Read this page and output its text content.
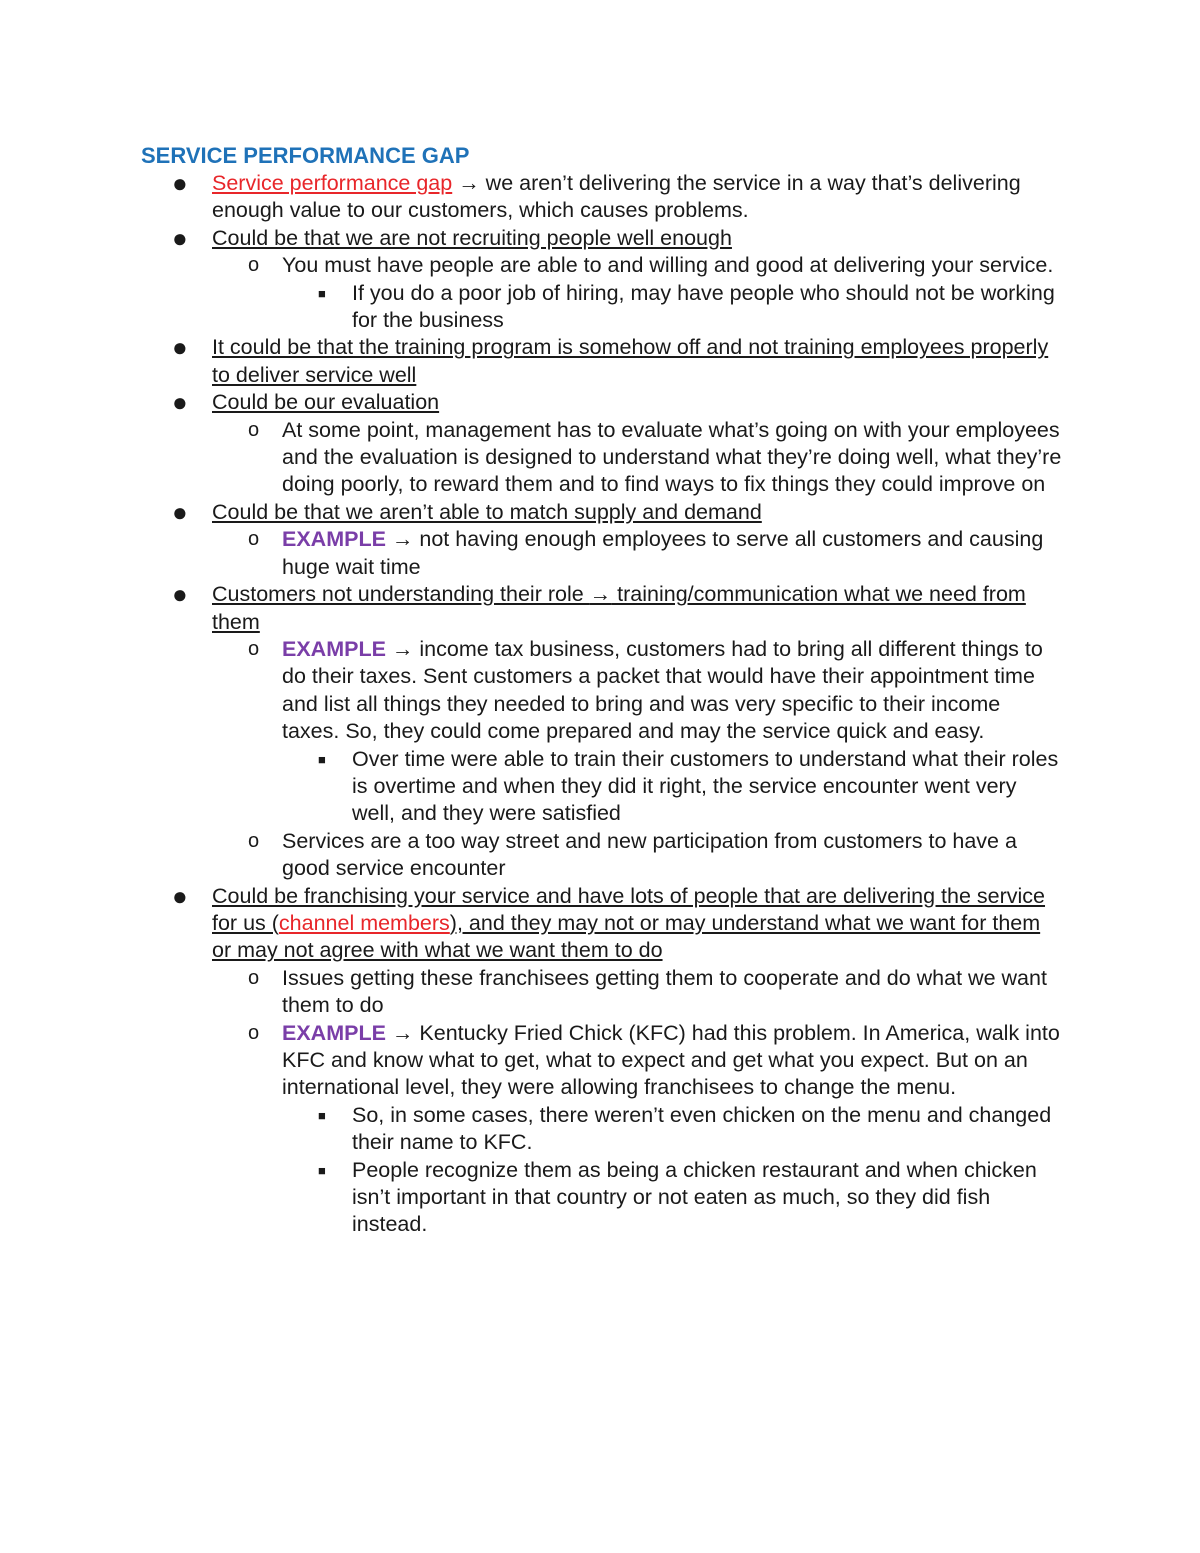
SERVICE PERFORMANCE GAP
● Service performance gap → we aren’t delivering the service in a way that’s delivering enough value to our customers, which causes problems.
● Could be that we are not recruiting people well enough
o You must have people are able to and willing and good at delivering your service.
■ If you do a poor job of hiring, may have people who should not be working for the business
● It could be that the training program is somehow off and not training employees properly to deliver service well
● Could be our evaluation
o At some point, management has to evaluate what’s going on with your employees and the evaluation is designed to understand what they’re doing well, what they’re doing poorly, to reward them and to find ways to fix things they could improve on
● Could be that we aren’t able to match supply and demand
o EXAMPLE → not having enough employees to serve all customers and causing huge wait time
● Customers not understanding their role → training/communication what we need from them
o EXAMPLE → income tax business, customers had to bring all different things to do their taxes. Sent customers a packet that would have their appointment time and list all things they needed to bring and was very specific to their income taxes. So, they could come prepared and may the service quick and easy.
■ Over time were able to train their customers to understand what their roles is overtime and when they did it right, the service encounter went very well, and they were satisfied
o Services are a too way street and new participation from customers to have a good service encounter
● Could be franchising your service and have lots of people that are delivering the service for us (channel members), and they may not or may understand what we want for them or may not agree with what we want them to do
o Issues getting these franchisees getting them to cooperate and do what we want them to do
o EXAMPLE → Kentucky Fried Chick (KFC) had this problem. In America, walk into KFC and know what to get, what to expect and get what you expect. But on an international level, they were allowing franchisees to change the menu.
■ So, in some cases, there weren’t even chicken on the menu and changed their name to KFC.
■ People recognize them as being a chicken restaurant and when chicken isn’t important in that country or not eaten as much, so they did fish instead.
